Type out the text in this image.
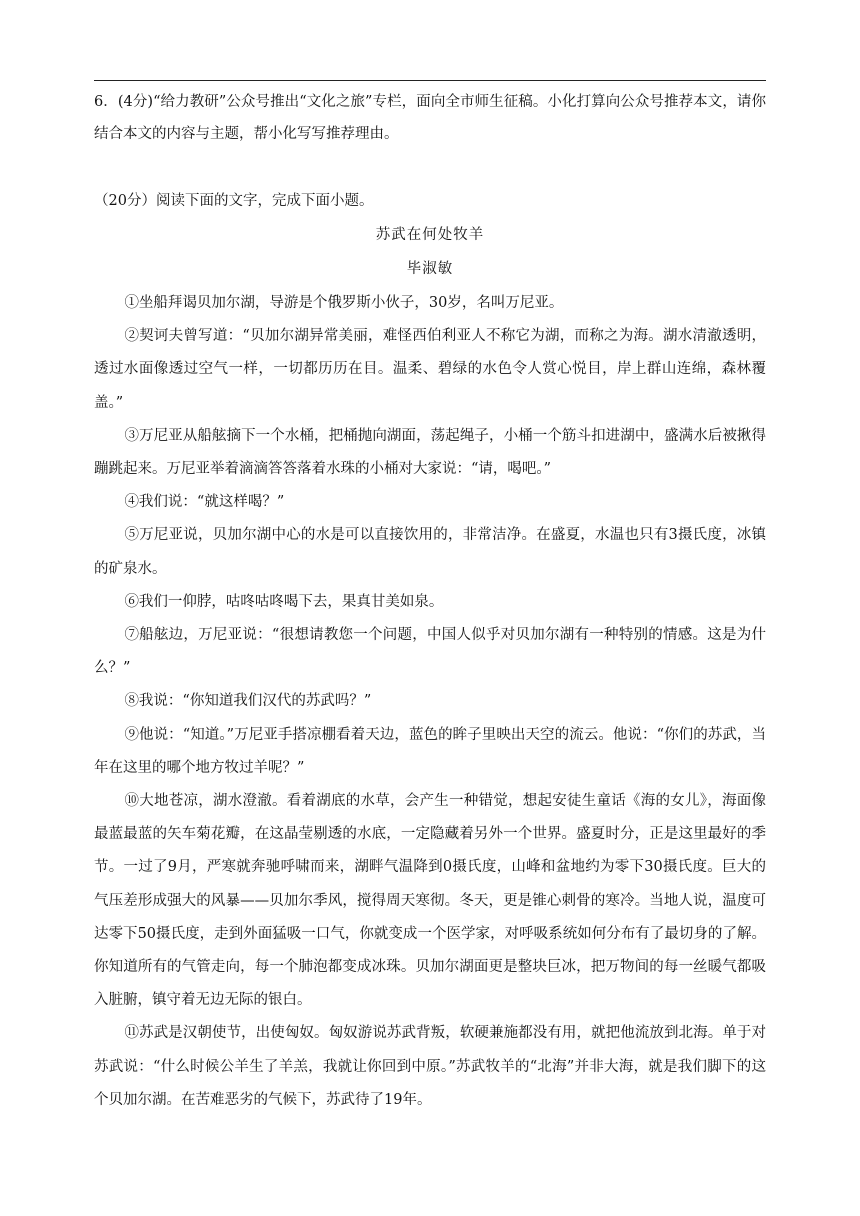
6．(4分)“给力教研”公众号推出“文化之旅”专栏，面向全市师生征稿。小化打算向公众号推荐本文，请你结合本文的内容与主题，帮小化写写推荐理由。
（20分）阅读下面的文字，完成下面小题。
苏武在何处牧羊
毕淑敏

①坐船拜谒贝加尔湖，导游是个俄罗斯小伙子，30岁，名叫万尼亚。

②契诃夫曾写道：“贝加尔湖异常美丽，难怪西伯利亚人不称它为湖，而称之为海。湖水清澈透明，透过水面像透过空气一样，一切都历历在目。温柔、碧绿的水色令人赏心悦目，岸上群山连绵，森林覆盖。”

③万尼亚从船舷摘下一个水桶，把桶抛向湖面，荡起绳子，小桶一个筋斗扣进湖中，盛满水后被揪得蹦跳起来。万尼亚举着滴滴答答落着水珠的小桶对大家说：“请，喝吧。”

④我们说：“就这样喝？”

⑤万尼亚说，贝加尔湖中心的水是可以直接饮用的，非常洁净。在盛夏，水温也只有3摄氏度，冰镇的矿泉水。

⑥我们一仰脖，咕咚咕咚喝下去，果真甘美如泉。

⑦船舷边，万尼亚说：“很想请教您一个问题，中国人似乎对贝加尔湖有一种特别的情感。这是为什么？”

⑧我说：“你知道我们汉代的苏武吗？”

⑨他说：“知道。”万尼亚手搭凉棚看着天边，蓝色的眸子里映出天空的流云。他说：“你们的苏武，当年在这里的哪个地方牧过羊呢？”

⑩大地苍凉，湖水澄澈。看着湖底的水草，会产生一种错觉，想起安徒生童话《海的女儿》，海面像最蓝最蓝的矢车菊花瓣，在这晶莹剔透的水底，一定隐藏着另外一个世界。盛夏时分，正是这里最好的季节。一过了9月，严寒就奔驰呼啸而来，湖畔气温降到0摄氏度，山峰和盆地约为零下30摄氏度。巨大的气压差形成强大的风暴——贝加尔季风，搅得周天寒彻。冬天，更是锥心刺骨的寒冷。当地人说，温度可达零下50摄氏度，走到外面猛吸一口气，你就变成一个医学家，对呼吸系统如何分布有了最切身的了解。你知道所有的气管走向，每一个肺泡都变成冰珠。贝加尔湖面更是整块巨冰，把万物间的每一丝暖气都吸入脏腑，镇守着无边无际的银白。

⑪苏武是汉朝使节，出使匈奴。匈奴游说苏武背叛，软硬兼施都没有用，就把他流放到北海。单于对苏武说：“什么时候公羊生了羊羔，我就让你回到中原。”苏武牧羊的“北海”并非大海，就是我们脚下的这个贝加尔湖。在苦难恶劣的气候下，苏武待了19年。
